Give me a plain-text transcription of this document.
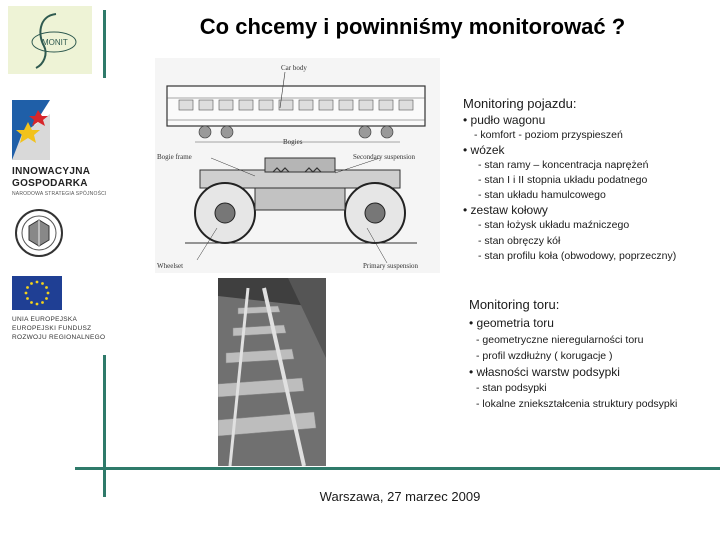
MONIT
INNOWACYJNA
GOSPODARKA
NARODOWA STRATEGIA SPÓJNOŚCI
UNIA EUROPEJSKA
EUROPEJSKI FUNDUSZ
ROZWOJU REGIONALNEGO
Co chcemy i powinniśmy monitorować ?
Car body
Bogies
Bogie frame	Secondary suspension
Wheelset	Primary suspension
Monitoring pojazdu:
• pudło wagonu
- komfort - poziom przyspieszeń
• wózek
- stan ramy – koncentracja naprężeń
- stan I i II stopnia układu podatnego
- stan układu hamulcowego
• zestaw kołowy
- stan łożysk układu maźniczego
- stan obręczy kół
- stan profilu koła (obwodowy, poprzeczny)
Monitoring toru:
• geometria toru
- geometryczne nieregularności toru
- profil wzdłużny ( korugacje )
• własności warstw podsypki
- stan podsypki
- lokalne zniekształcenia struktury podsypki
Warszawa, 27 marzec 2009
